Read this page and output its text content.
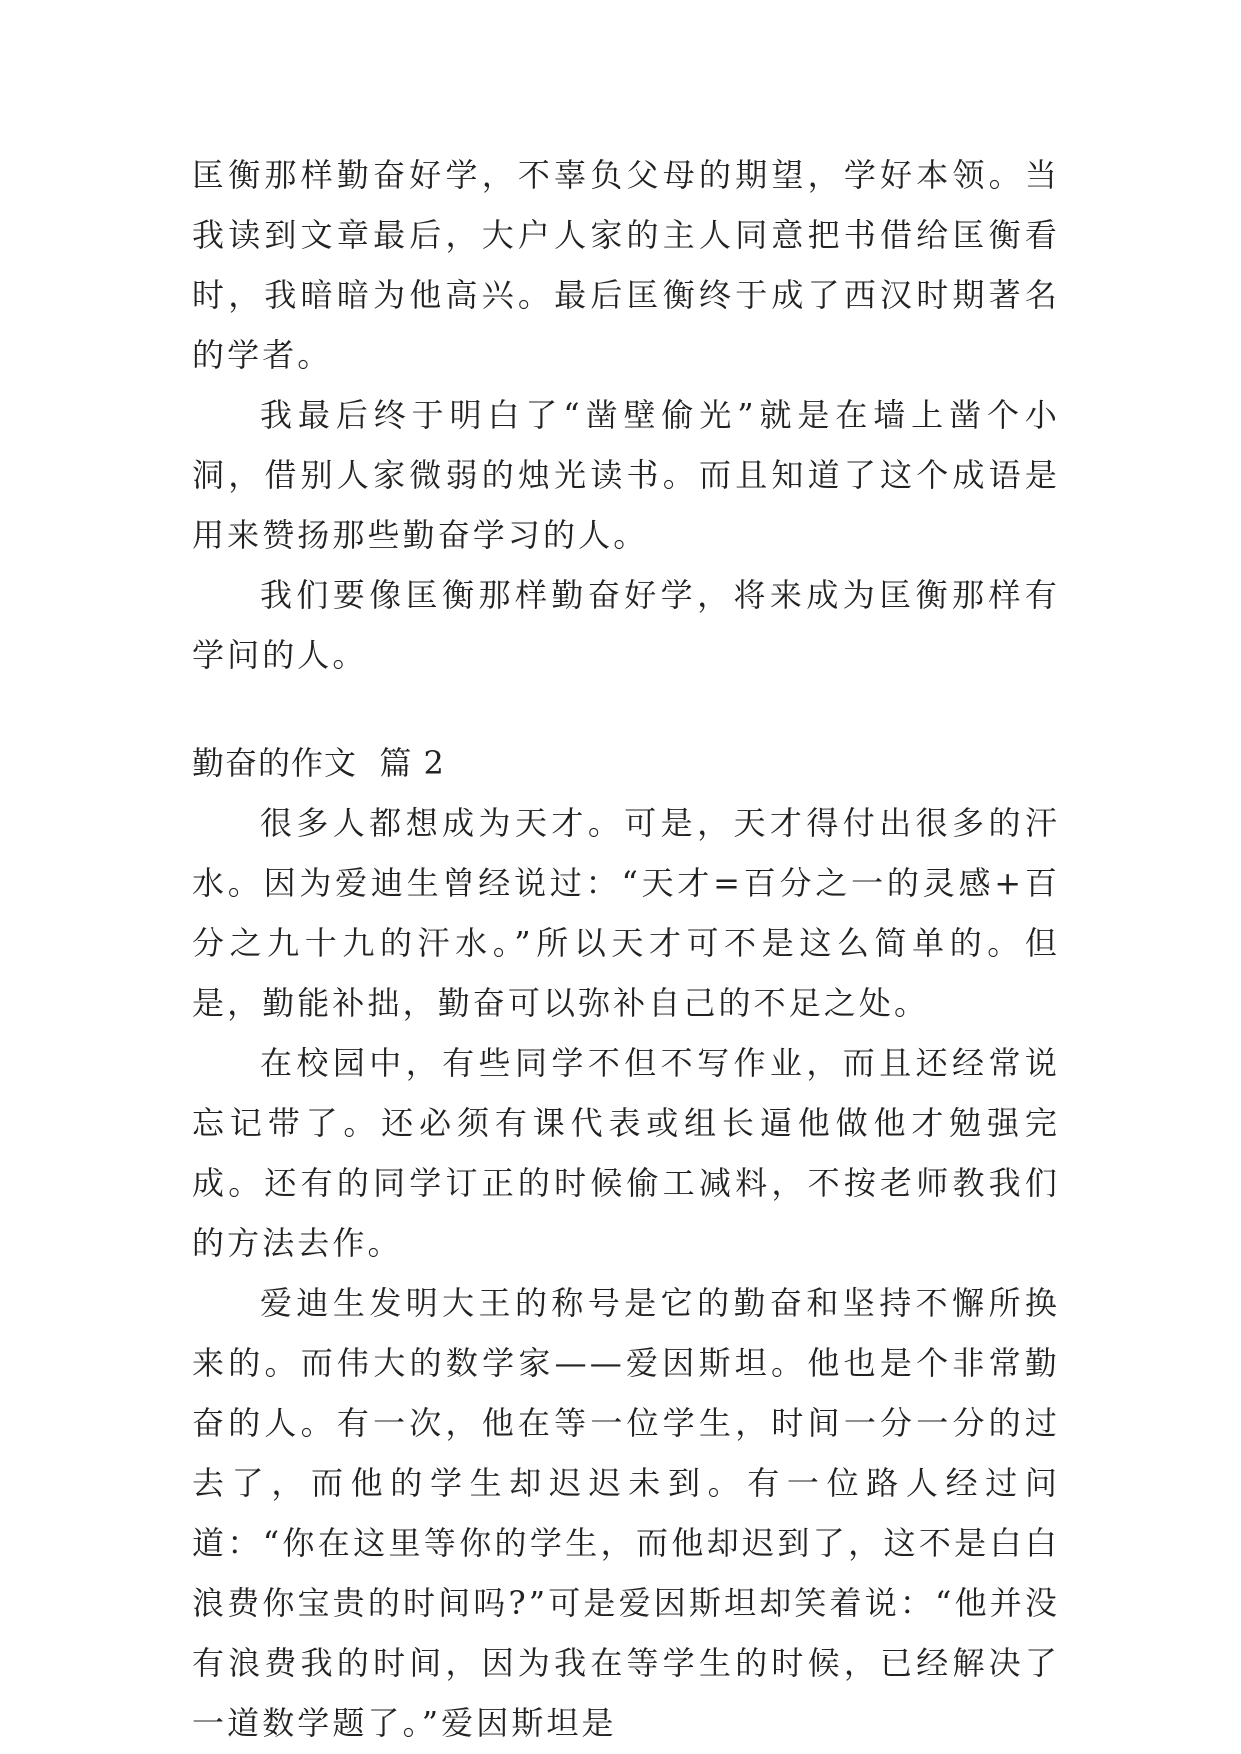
匡衡那样勤奋好学，不辜负父母的期望，学好本领。当我读到文章最后，大户人家的主人同意把书借给匡衡看时，我暗暗为他高兴。最后匡衡终于成了西汉时期著名的学者。

我最后终于明白了“凿壁偷光”就是在墙上凿个小洞，借别人家微弱的烛光读书。而且知道了这个成语是用来赞扬那些勤奋学习的人。

我们要像匡衡那样勤奋好学，将来成为匡衡那样有学问的人。

勤奋的作文  篇 2

很多人都想成为天才。可是，天才得付出很多的汗水。因为爱迪生曾经说过：“天才=百分之一的灵感+百分之九十九的汗水。”所以天才可不是这么简单的。但是，勤能补拙，勤奋可以弥补自己的不足之处。

在校园中，有些同学不但不写作业，而且还经常说忘记带了。还必须有课代表或组长逼他做他才勉强完成。还有的同学订正的时候偷工减料，不按老师教我们的方法去作。

爱迪生发明大王的称号是它的勤奋和坚持不懈所换来的。而伟大的数学家——爱因斯坦。他也是个非常勤奋的人。有一次，他在等一位学生，时间一分一分的过去了，而他的学生却迟迟未到。有一位路人经过问道：“你在这里等你的学生，而他却迟到了，这不是白白浪费你宝贵的时间吗?”可是爱因斯坦却笑着说：“他并没有浪费我的时间，因为我在等学生的时候，已经解决了一道数学题了。”爱因斯坦是
